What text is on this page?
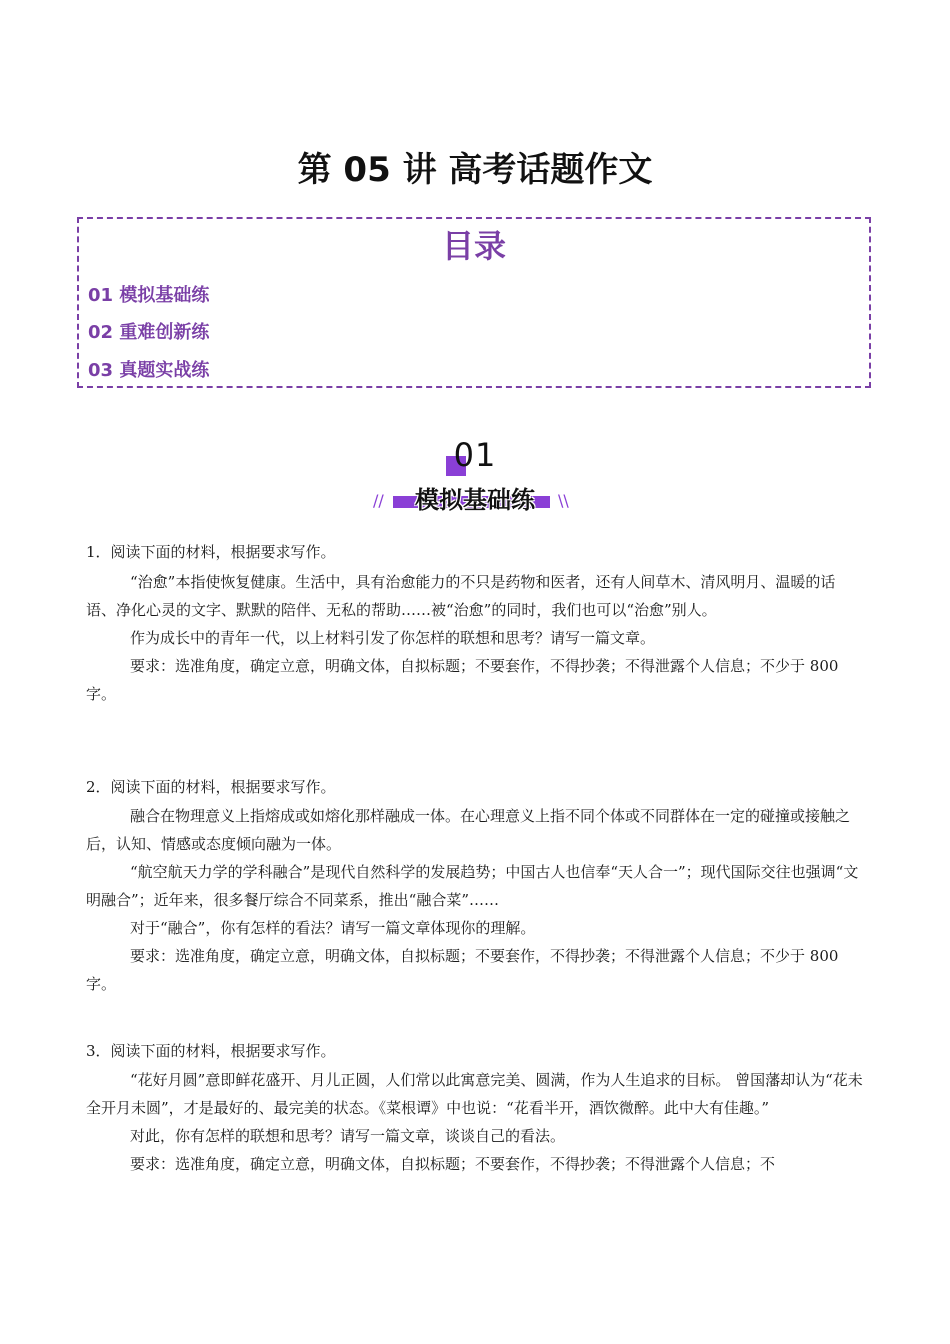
第 05 讲 高考话题作文
目录
01 模拟基础练
02 重难创新练
03 真题实战练
01
//	\\
模拟基础练
1．阅读下面的材料，根据要求写作。

“治愈”本指使恢复健康。生活中，具有治愈能力的不只是药物和医者，还有人间草木、清风明月、温暖的话语、净化心灵的文字、默默的陪伴、无私的帮助……被“治愈”的同时，我们也可以“治愈”别人。

作为成长中的青年一代，以上材料引发了你怎样的联想和思考？请写一篇文章。

要求：选准角度，确定立意，明确文体，自拟标题；不要套作，不得抄袭；不得泄露个人信息；不少于 800 字。

2．阅读下面的材料，根据要求写作。

融合在物理意义上指熔成或如熔化那样融成一体。在心理意义上指不同个体或不同群体在一定的碰撞或接触之后，认知、情感或态度倾向融为一体。

“航空航天力学的学科融合”是现代自然科学的发展趋势；中国古人也信奉“天人合一”；现代国际交往也强调“文明融合”；近年来，很多餐厅综合不同菜系，推出“融合菜”……

对于“融合”，你有怎样的看法？请写一篇文章体现你的理解。

要求：选准角度，确定立意，明确文体，自拟标题；不要套作，不得抄袭；不得泄露个人信息；不少于 800 字。

3．阅读下面的材料，根据要求写作。

“花好月圆”意即鲜花盛开、月儿正圆，人们常以此寓意完美、圆满，作为人生追求的目标。 曾国藩却认为“花未全开月未圆”，才是最好的、最完美的状态。《菜根谭》中也说：“花看半开，酒饮微醉。此中大有佳趣。”

对此，你有怎样的联想和思考？请写一篇文章，谈谈自己的看法。

要求：选准角度，确定立意，明确文体，自拟标题；不要套作，不得抄袭；不得泄露个人信息；不
